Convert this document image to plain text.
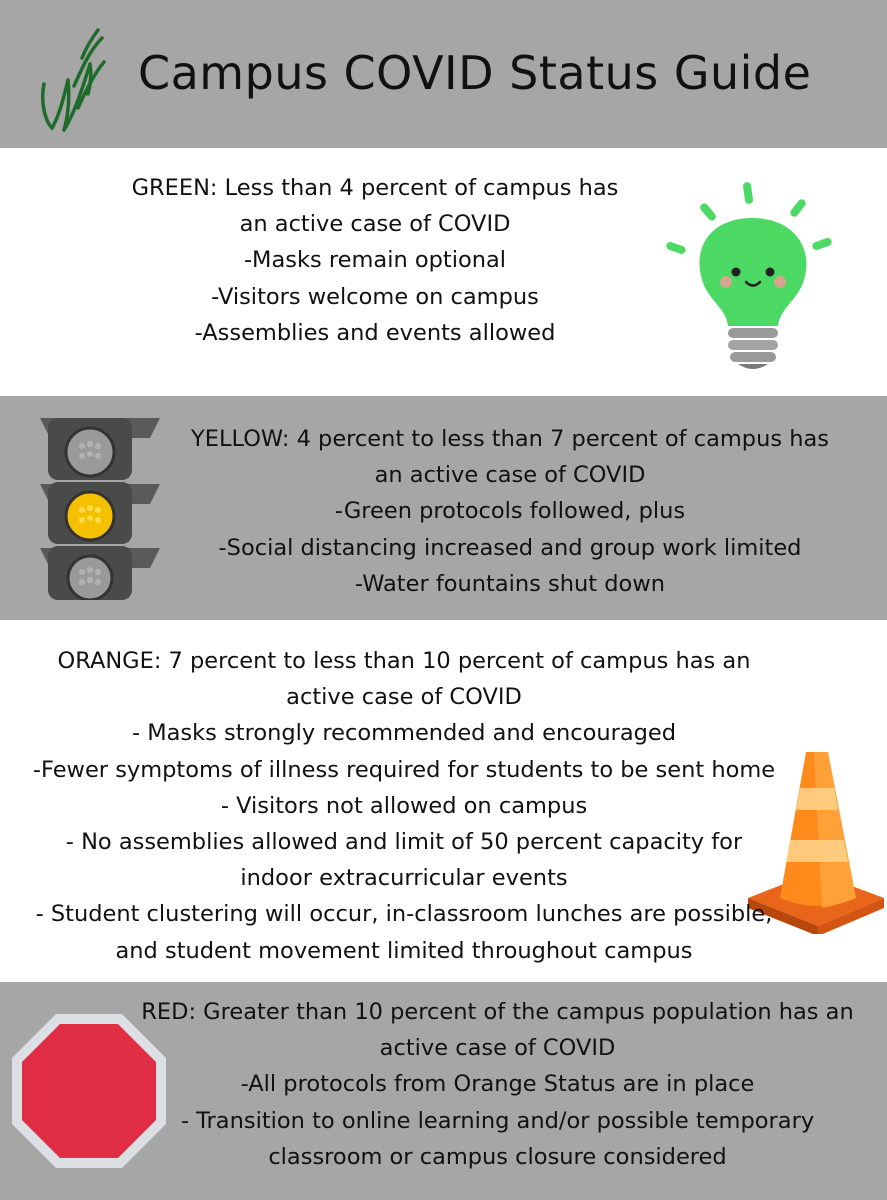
Campus COVID Status Guide
GREEN: Less than 4 percent of campus has
an active case of COVID
-Masks remain optional
-Visitors welcome on campus
-Assemblies and events allowed
YELLOW: 4 percent to less than 7 percent of campus has
an active case of COVID
-Green protocols followed, plus
-Social distancing increased and group work limited
-Water fountains shut down
ORANGE: 7 percent to less than 10 percent of campus has an
active case of COVID
- Masks strongly recommended and encouraged
-Fewer symptoms of illness required for students to be sent home
- Visitors not allowed on campus
- No assemblies allowed and limit of 50 percent capacity for
indoor extracurricular events
- Student clustering will occur, in-classroom lunches are possible,
and student movement limited throughout campus
RED: Greater than 10 percent of the campus population has an
active case of COVID
-All protocols from Orange Status are in place
- Transition to online learning and/or possible temporary
classroom or campus closure considered
